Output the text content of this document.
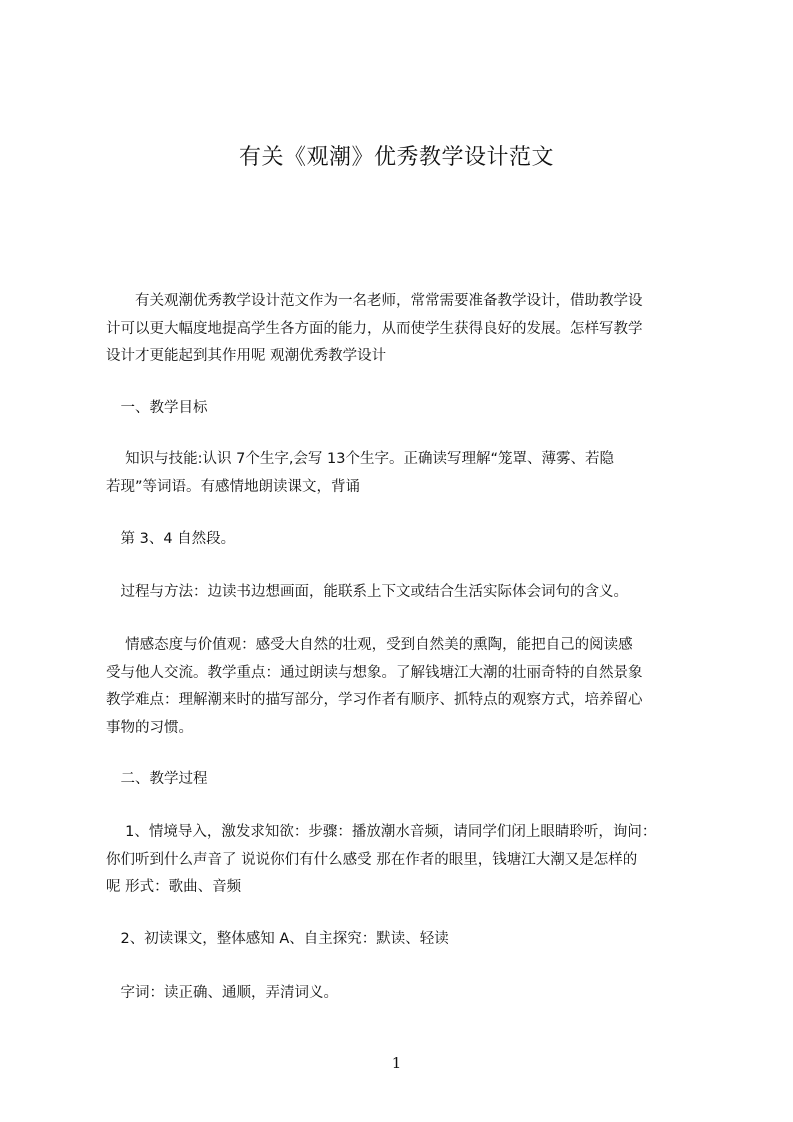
有关《观潮》优秀教学设计范文

　　有关观潮优秀教学设计范文作为一名老师，常常需要准备教学设计，借助教学设

计可以更大幅度地提高学生各方面的能力，从而使学生获得良好的发展。怎样写教学

设计才更能起到其作用呢 观潮优秀教学设计

　一、教学目标

　 知识与技能:认识 7个生字,会写 13个生字。正确读写理解“笼罩、薄雾、若隐

若现”等词语。有感情地朗读课文，背诵

　第 3、4 自然段。

　过程与方法：边读书边想画面，能联系上下文或结合生活实际体会词句的含义。

　 情感态度与价值观：感受大自然的壮观，受到自然美的熏陶，能把自己的阅读感

受与他人交流。教学重点：通过朗读与想象。了解钱塘江大潮的壮丽奇特的自然景象

教学难点：理解潮来时的描写部分，学习作者有顺序、抓特点的观察方式，培养留心

事物的习惯。

　二、教学过程

　 1、情境导入，激发求知欲：步骤：播放潮水音频，请同学们闭上眼睛聆听，询问：

你们听到什么声音了 说说你们有什么感受 那在作者的眼里，钱塘江大潮又是怎样的

呢 形式：歌曲、音频

　2、初读课文，整体感知 A、自主探究：默读、轻读

　字词：读正确、通顺，弄清词义。

1
